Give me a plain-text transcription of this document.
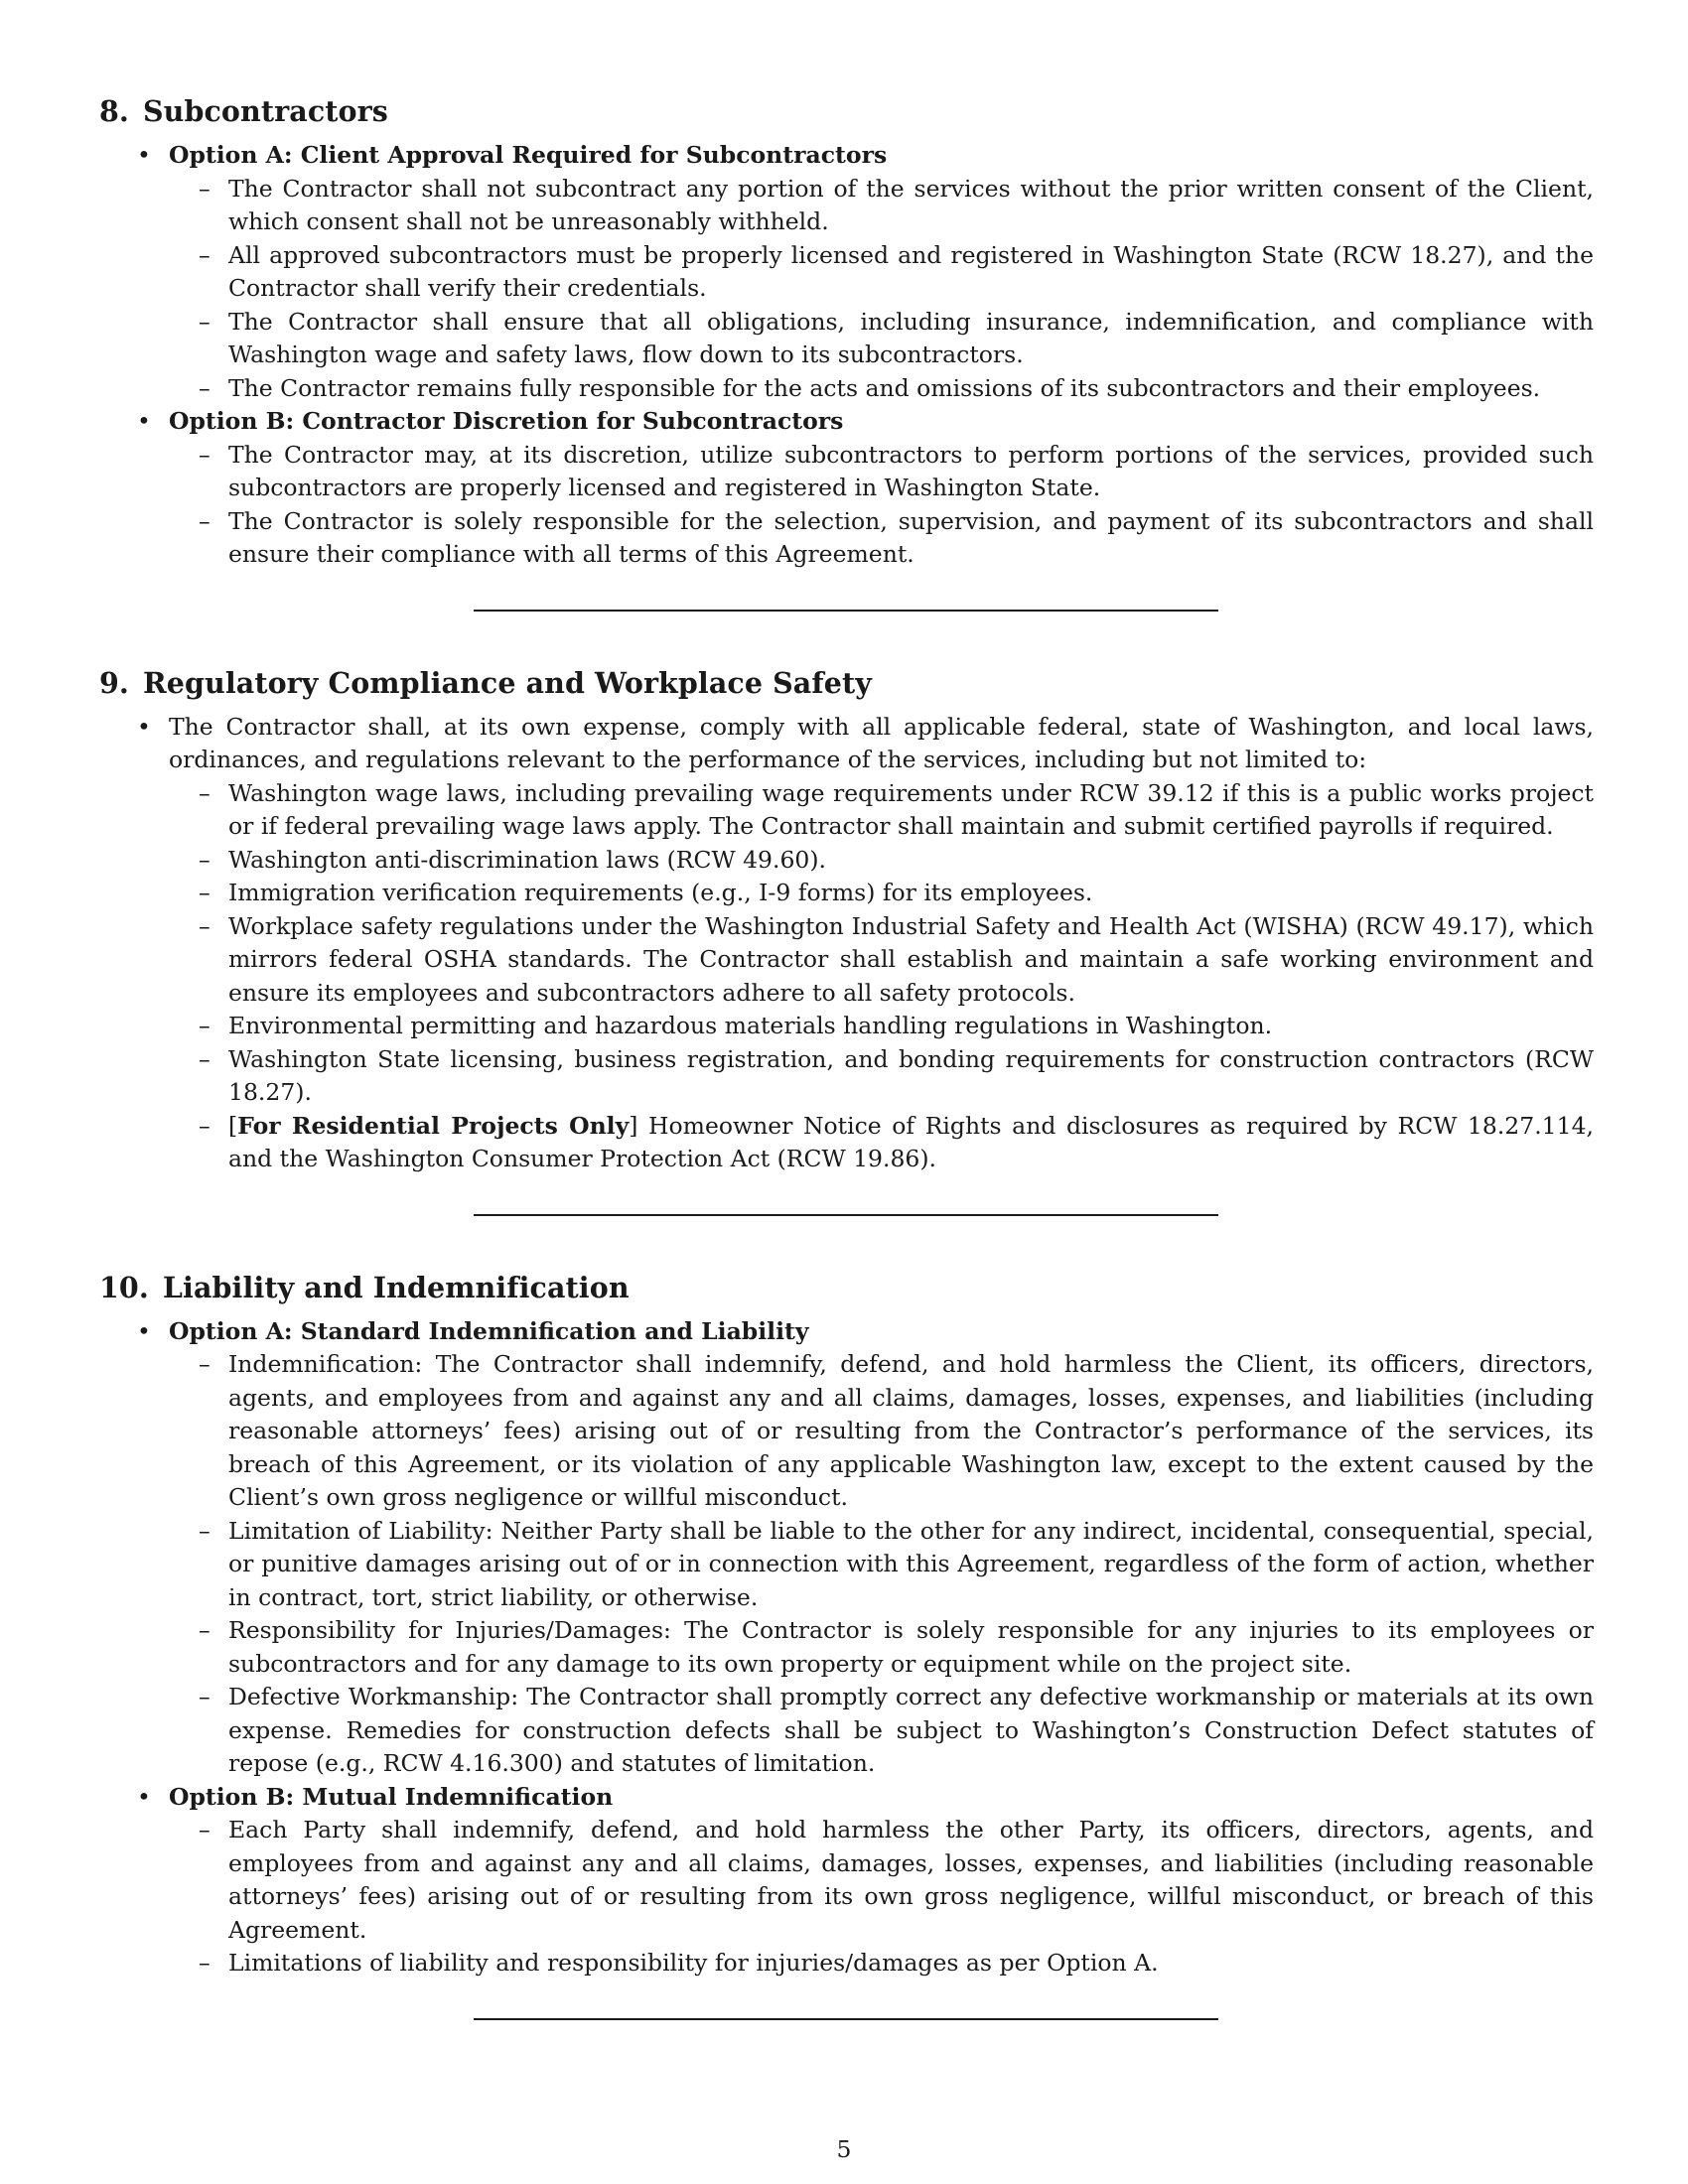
8. Subcontractors
• Option A: Client Approval Required for Subcontractors
– The Contractor shall not subcontract any portion of the services without the prior written consent of the Client, which consent shall not be unreasonably withheld.
– All approved subcontractors must be properly licensed and registered in Washington State (RCW 18.27), and the Contractor shall verify their credentials.
– The Contractor shall ensure that all obligations, including insurance, indemnification, and compliance with Washington wage and safety laws, flow down to its subcontractors.
– The Contractor remains fully responsible for the acts and omissions of its subcontractors and their employees.
• Option B: Contractor Discretion for Subcontractors
– The Contractor may, at its discretion, utilize subcontractors to perform portions of the services, provided such subcontractors are properly licensed and registered in Washington State.
– The Contractor is solely responsible for the selection, supervision, and payment of its subcontractors and shall ensure their compliance with all terms of this Agreement.
9. Regulatory Compliance and Workplace Safety
• The Contractor shall, at its own expense, comply with all applicable federal, state of Washington, and local laws, ordinances, and regulations relevant to the performance of the services, including but not limited to:
– Washington wage laws, including prevailing wage requirements under RCW 39.12 if this is a public works project or if federal prevailing wage laws apply. The Contractor shall maintain and submit certified payrolls if required.
– Washington anti-discrimination laws (RCW 49.60).
– Immigration verification requirements (e.g., I-9 forms) for its employees.
– Workplace safety regulations under the Washington Industrial Safety and Health Act (WISHA) (RCW 49.17), which mirrors federal OSHA standards. The Contractor shall establish and maintain a safe working environment and ensure its employees and subcontractors adhere to all safety protocols.
– Environmental permitting and hazardous materials handling regulations in Washington.
– Washington State licensing, business registration, and bonding requirements for construction contractors (RCW 18.27).
– [For Residential Projects Only] Homeowner Notice of Rights and disclosures as required by RCW 18.27.114, and the Washington Consumer Protection Act (RCW 19.86).
10. Liability and Indemnification
• Option A: Standard Indemnification and Liability
– Indemnification: The Contractor shall indemnify, defend, and hold harmless the Client, its officers, directors, agents, and employees from and against any and all claims, damages, losses, expenses, and liabilities (including reasonable attorneys’ fees) arising out of or resulting from the Contractor’s performance of the services, its breach of this Agreement, or its violation of any applicable Washington law, except to the extent caused by the Client’s own gross negligence or willful misconduct.
– Limitation of Liability: Neither Party shall be liable to the other for any indirect, incidental, consequential, special, or punitive damages arising out of or in connection with this Agreement, regardless of the form of action, whether in contract, tort, strict liability, or otherwise.
– Responsibility for Injuries/Damages: The Contractor is solely responsible for any injuries to its employees or subcontractors and for any damage to its own property or equipment while on the project site.
– Defective Workmanship: The Contractor shall promptly correct any defective workmanship or materials at its own expense. Remedies for construction defects shall be subject to Washington’s Construction Defect statutes of repose (e.g., RCW 4.16.300) and statutes of limitation.
• Option B: Mutual Indemnification
– Each Party shall indemnify, defend, and hold harmless the other Party, its officers, directors, agents, and employees from and against any and all claims, damages, losses, expenses, and liabilities (including reasonable attorneys’ fees) arising out of or resulting from its own gross negligence, willful misconduct, or breach of this Agreement.
– Limitations of liability and responsibility for injuries/damages as per Option A.
5
